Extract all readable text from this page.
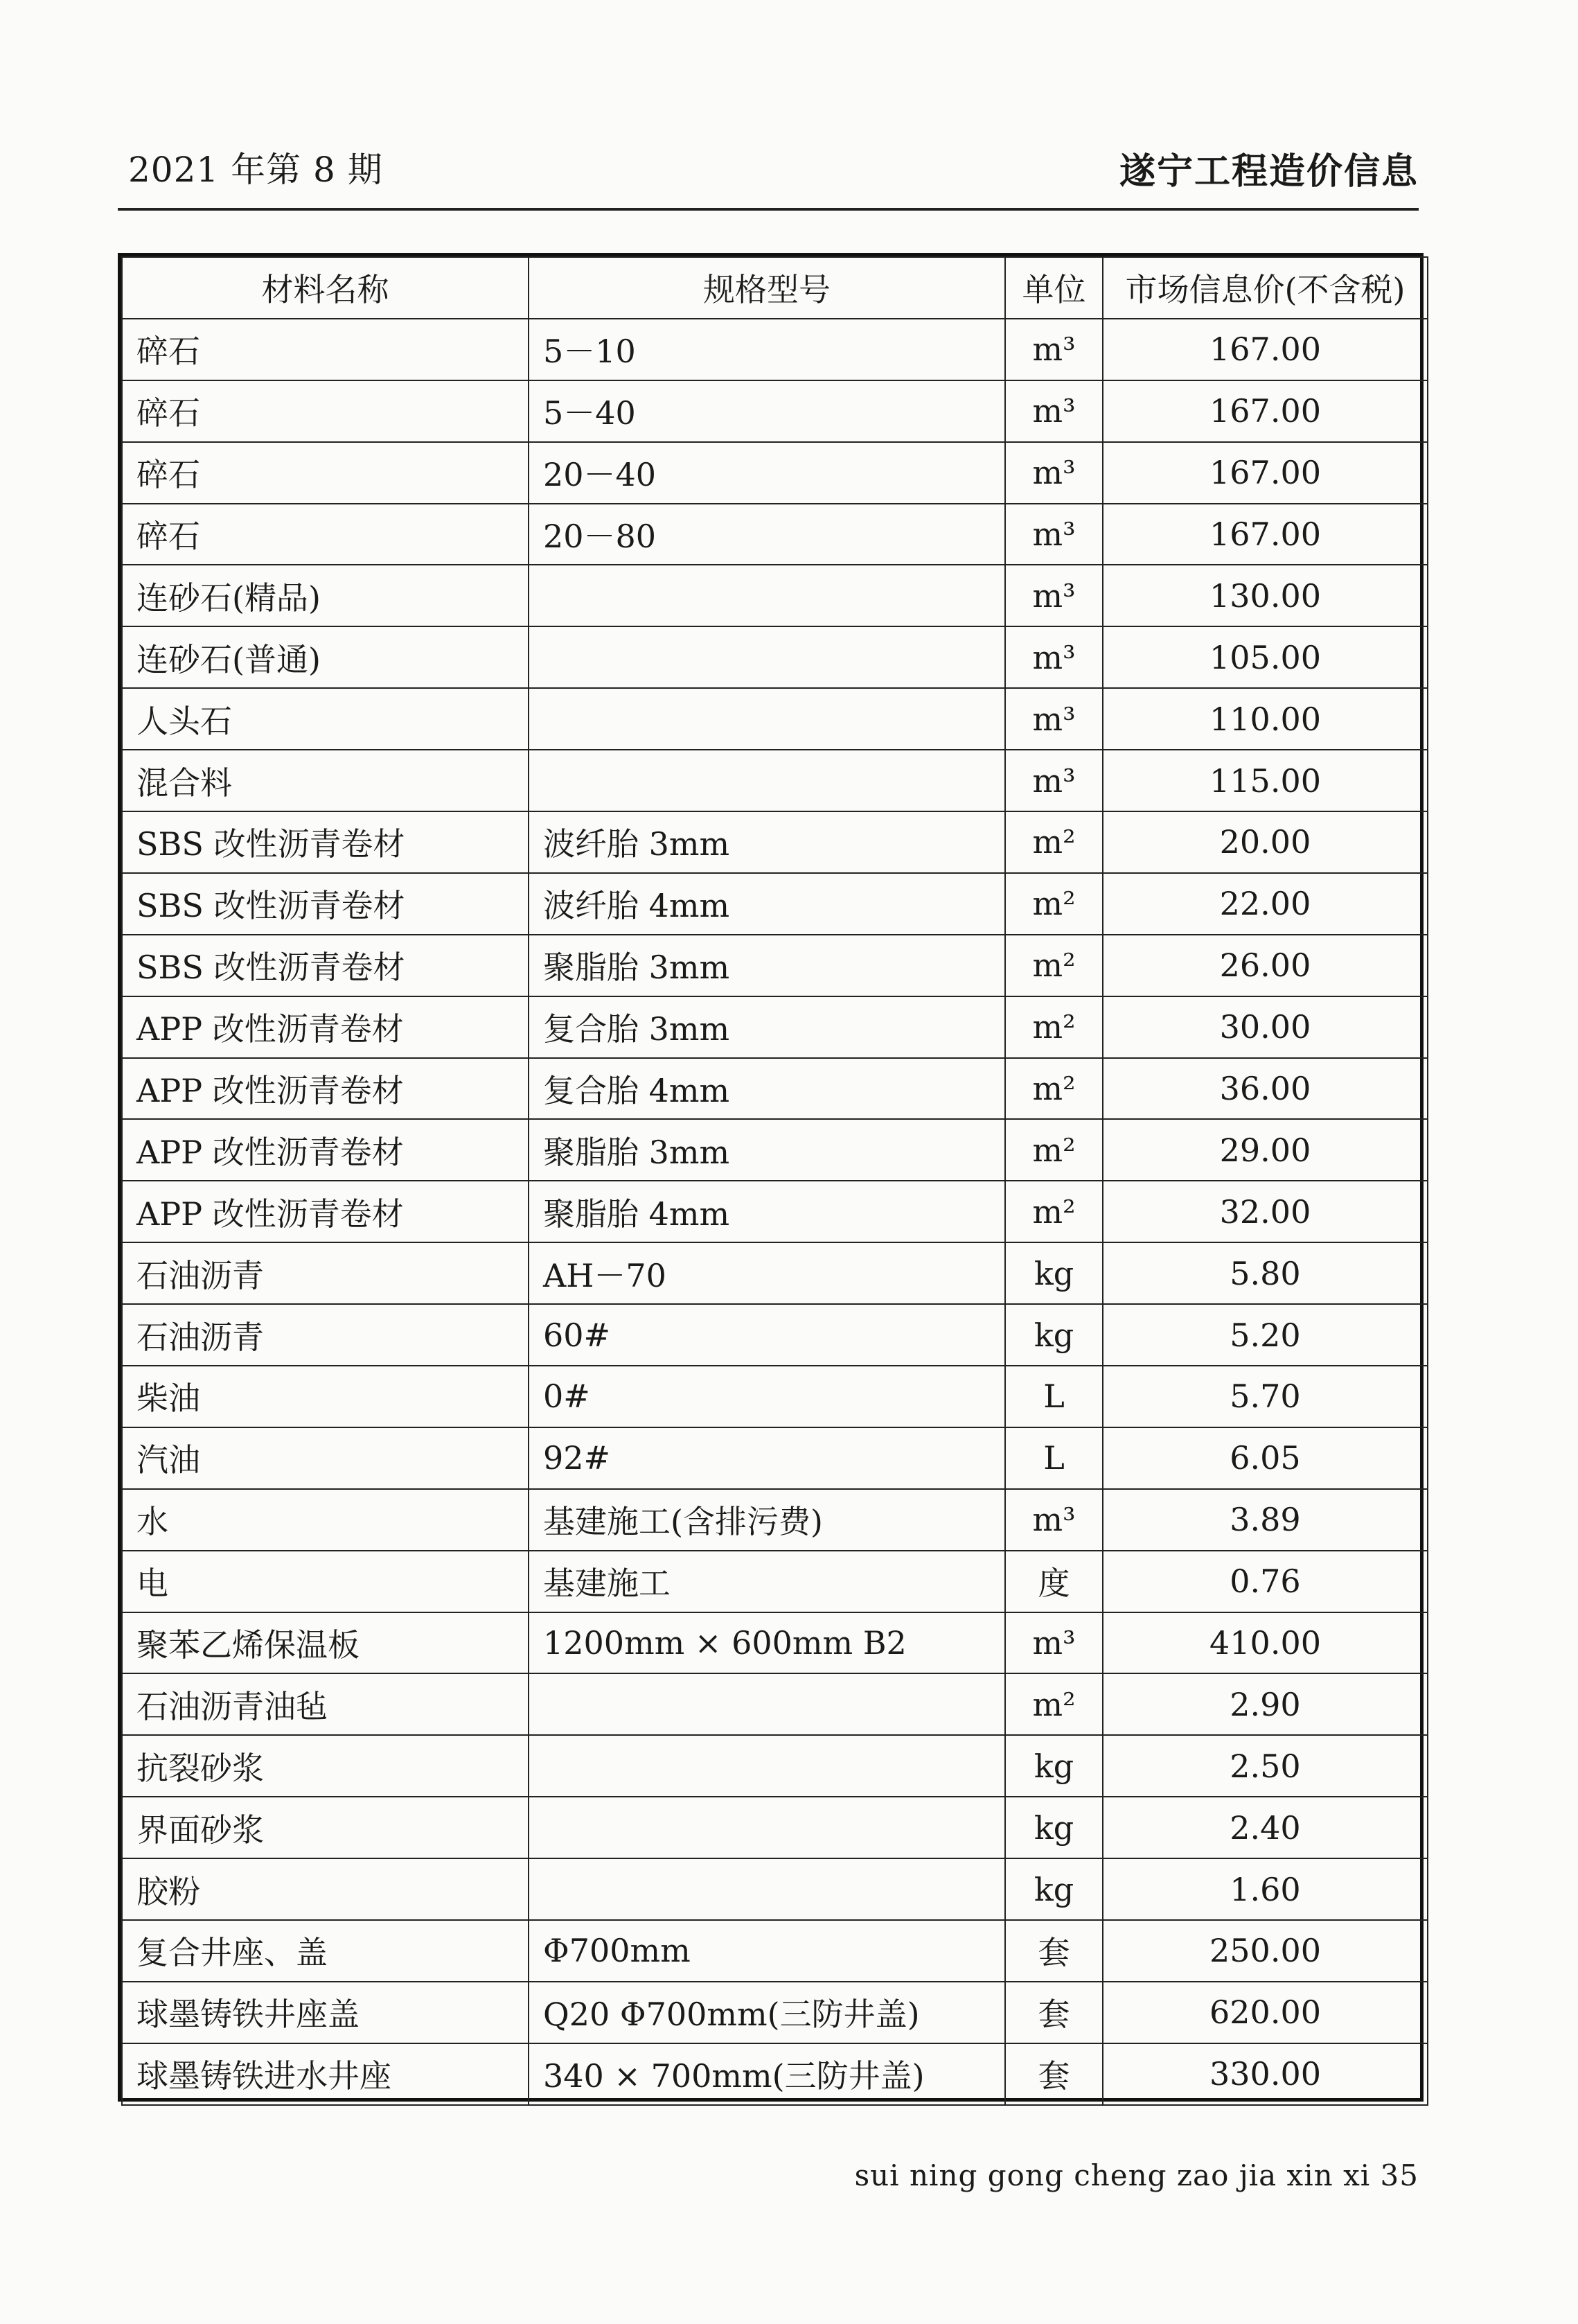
2021 年第 8 期	遂宁工程造价信息
材料名称	规格型号	单位	市场信息价(不含税)
碎石	5－10	m³	167.00
碎石	5－40	m³	167.00
碎石	20－40	m³	167.00
碎石	20－80	m³	167.00
连砂石(精品)		m³	130.00
连砂石(普通)		m³	105.00
人头石		m³	110.00
混合料		m³	115.00
SBS 改性沥青卷材	波纤胎 3mm	m²	20.00
SBS 改性沥青卷材	波纤胎 4mm	m²	22.00
SBS 改性沥青卷材	聚脂胎 3mm	m²	26.00
APP 改性沥青卷材	复合胎 3mm	m²	30.00
APP 改性沥青卷材	复合胎 4mm	m²	36.00
APP 改性沥青卷材	聚脂胎 3mm	m²	29.00
APP 改性沥青卷材	聚脂胎 4mm	m²	32.00
石油沥青	AH－70	kg	5.80
石油沥青	60#	kg	5.20
柴油	0#	L	5.70
汽油	92#	L	6.05
水	基建施工(含排污费)	m³	3.89
电	基建施工	度	0.76
聚苯乙烯保温板	1200mm × 600mm B2	m³	410.00
石油沥青油毡		m²	2.90
抗裂砂浆		kg	2.50
界面砂浆		kg	2.40
胶粉		kg	1.60
复合井座、盖	Φ700mm	套	250.00
球墨铸铁井座盖	Q20 Φ700mm(三防井盖)	套	620.00
球墨铸铁进水井座	340 × 700mm(三防井盖)	套	330.00
sui ning gong cheng zao jia xin xi 35
